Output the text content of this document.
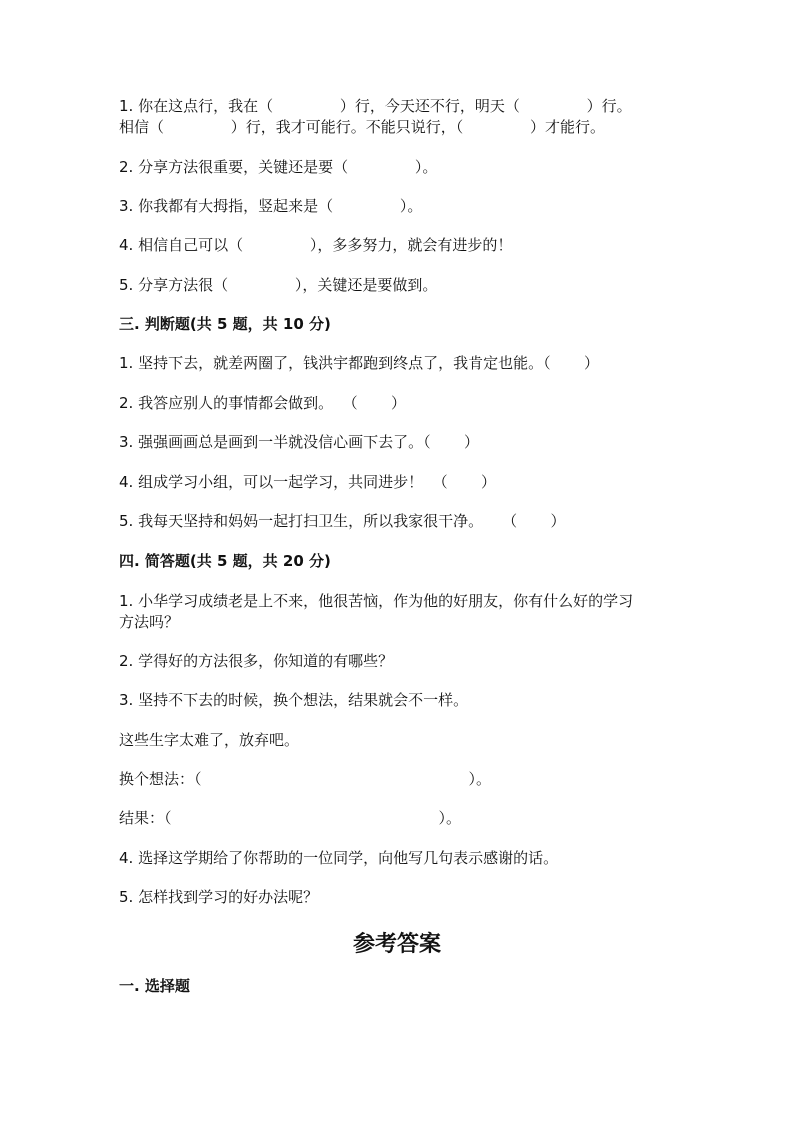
1. 你在这点行，我在（              ）行，今天还不行，明天（              ）行。
相信（              ）行，我才可能行。不能只说行，（              ）才能行。
2. 分享方法很重要，关键还是要（              ）。
3. 你我都有大拇指，竖起来是（              ）。
4. 相信自己可以（              ），多多努力，就会有进步的！
5. 分享方法很（              ），关键还是要做到。
三. 判断题(共 5 题，共 10 分)
1. 坚持下去，就差两圈了，钱洪宇都跑到终点了，我肯定也能。（       ）
2. 我答应别人的事情都会做到。  （       ）
3. 强强画画总是画到一半就没信心画下去了。（       ）
4. 组成学习小组，可以一起学习，共同进步！  （       ）
5. 我每天坚持和妈妈一起打扫卫生，所以我家很干净。    （       ）
四. 简答题(共 5 题，共 20 分)
1. 小华学习成绩老是上不来，他很苦恼，作为他的好朋友，你有什么好的学习
方法吗？
2. 学得好的方法很多，你知道的有哪些？
3. 坚持不下去的时候，换个想法，结果就会不一样。
这些生字太难了，放弃吧。
换个想法：（                                                        ）。
结果：（                                                        ）。
4. 选择这学期给了你帮助的一位同学，向他写几句表示感谢的话。
5. 怎样找到学习的好办法呢？
参考答案
一. 选择题
